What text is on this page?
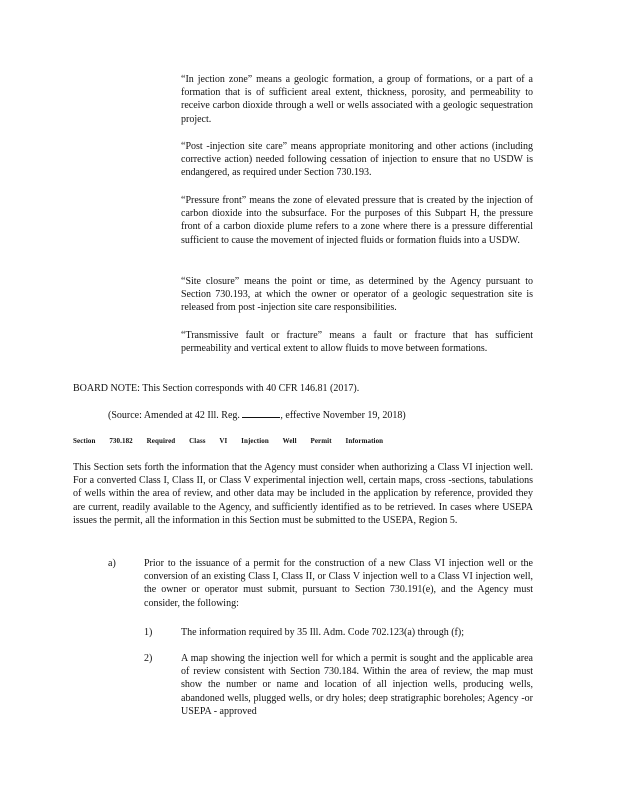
“In jection zone” means a geologic formation, a group of formations, or a part of a formation that is of sufficient areal extent, thickness, porosity, and permeability to receive carbon dioxide through a well or wells associated with a geologic sequestration project.

“Post -injection site care” means appropriate monitoring and other actions (including corrective action) needed following cessation of injection to ensure that no USDW is endangered, as required under Section 730.193.

“Pressure front” means the zone of elevated pressure that is created by the injection of carbon dioxide into the subsurface. For the purposes of this Subpart H, the pressure front of a carbon dioxide plume refers to a zone where there is a pressure differential sufficient to cause the movement of injected fluids or formation fluids into a USDW.

“Site closure” means the point or time, as determined by the Agency pursuant to Section 730.193, at which the owner or operator of a geologic sequestration site is released from post -injection site care responsibilities.

“Transmissive fault or fracture” means a fault or fracture that has sufficient permeability and vertical extent to allow fluids to move between formations.

BOARD NOTE: This Section corresponds with 40 CFR 146.81 (2017).

(Source: Amended at 42 Ill. Reg.	, effective November 19, 2018)

Section 730.182 Required Class VI Injection Well Permit Information

This Section sets forth the information that the Agency must consider when authorizing a Class VI injection well. For a converted Class I, Class II, or Class V experimental injection well, certain maps, cross -sections, tabulations of wells within the area of review, and other data may be included in the application by reference, provided they are current, readily available to the Agency, and sufficiently identified as to be retrieved. In cases where USEPA issues the permit, all the information in this Section must be submitted to the USEPA, Region 5.

a)	Prior to the issuance of a permit for the construction of a new Class VI injection well or the conversion of an existing Class I, Class II, or Class V injection well to a Class VI injection well, the owner or operator must submit, pursuant to Section 730.191(e), and the Agency must consider, the following:

1)	The information required by 35 Ill. Adm. Code 702.123(a) through (f);

2)	A map showing the injection well for which a permit is sought and the applicable area of review consistent with Section 730.184. Within the area of review, the map must show the number or name and location of all injection wells, producing wells, abandoned wells, plugged wells, or dry holes; deep stratigraphic boreholes; Agency -or USEPA - approved
